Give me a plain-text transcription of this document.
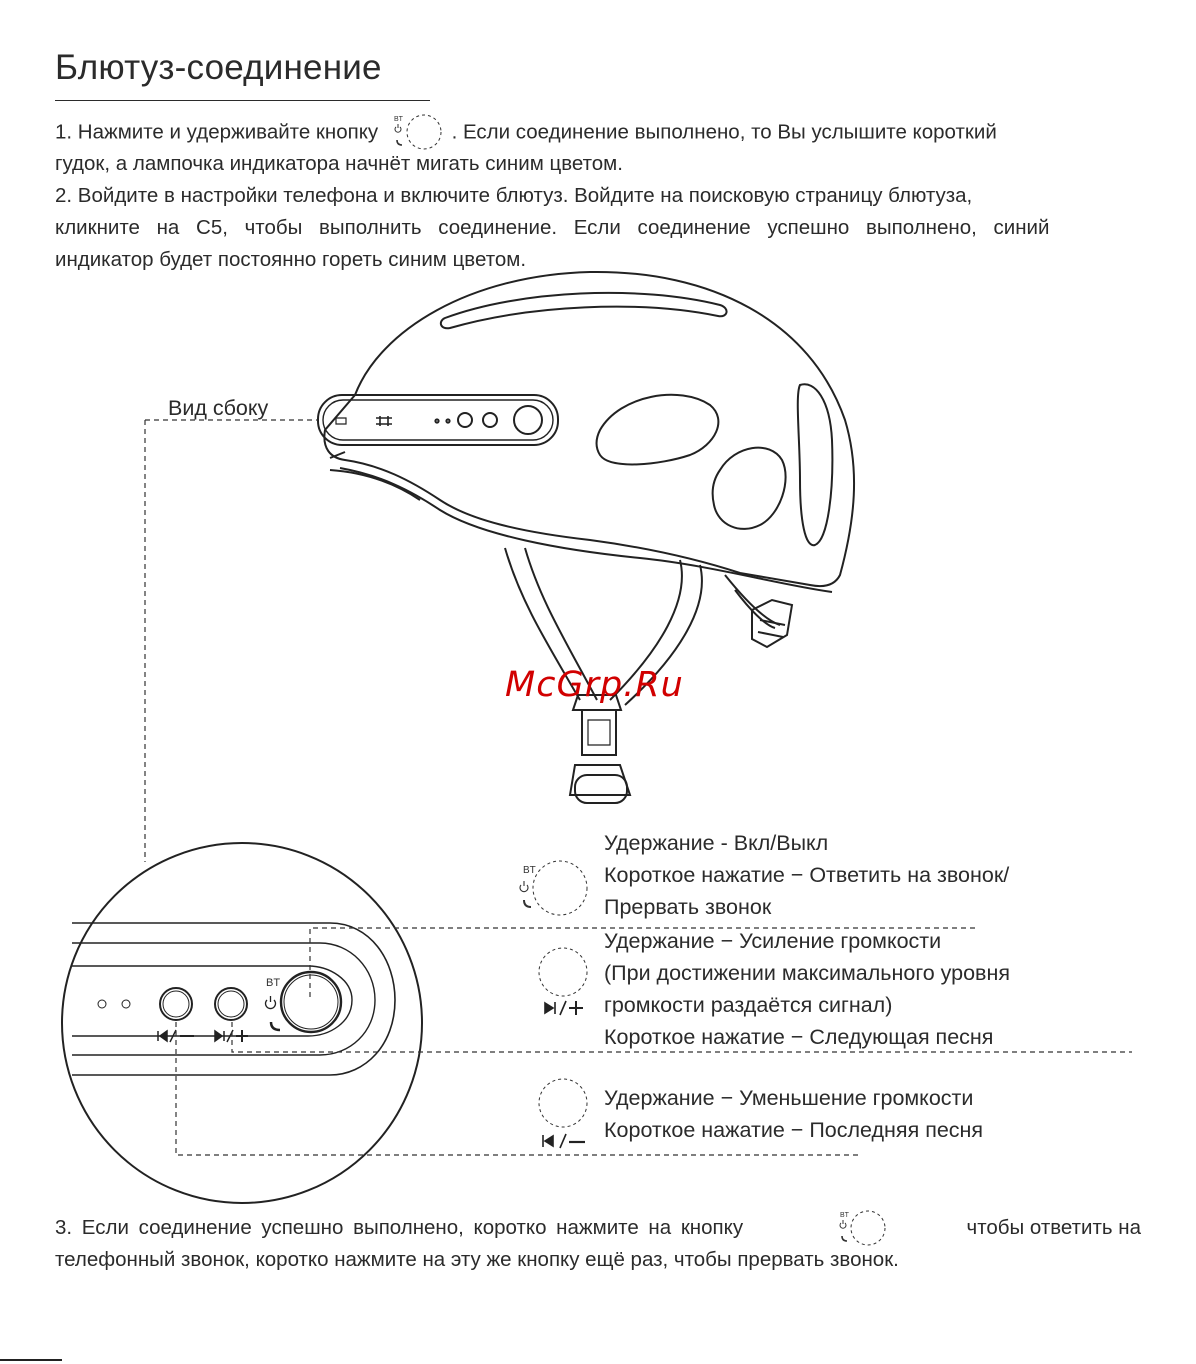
Блютуз-соединение
1. Нажмите и удерживайте кнопку
BT
. Если соединение выполнено, то Вы услышите короткий
гудок, а лампочка индикатора начнёт мигать синим цветом.
2. Войдите в настройки телефона и включите блютуз. Войдите на поисковую страницу блютуза,
кликните на C5, чтобы выполнить соединение. Если соединение успешно выполнено, синий
индикатор будет постоянно гореть синим цветом.
BT
BT
Вид сбоку
McGrp.Ru
Удержание - Вкл/Выкл
Короткое нажатие − Ответить на звонок/
Прервать звонок
Удержание − Усиление громкости
(При достижении максимального уровня
громкости раздаётся сигнал)
Короткое нажатие − Следующая песня
Удержание − Уменьшение громкости
Короткое нажатие − Последняя песня
3. Если соединение успешно выполнено, коротко нажмите на кнопку
BT
чтобы ответить на
телефонный звонок, коротко нажмите на эту же кнопку ещё раз, чтобы прервать звонок.
